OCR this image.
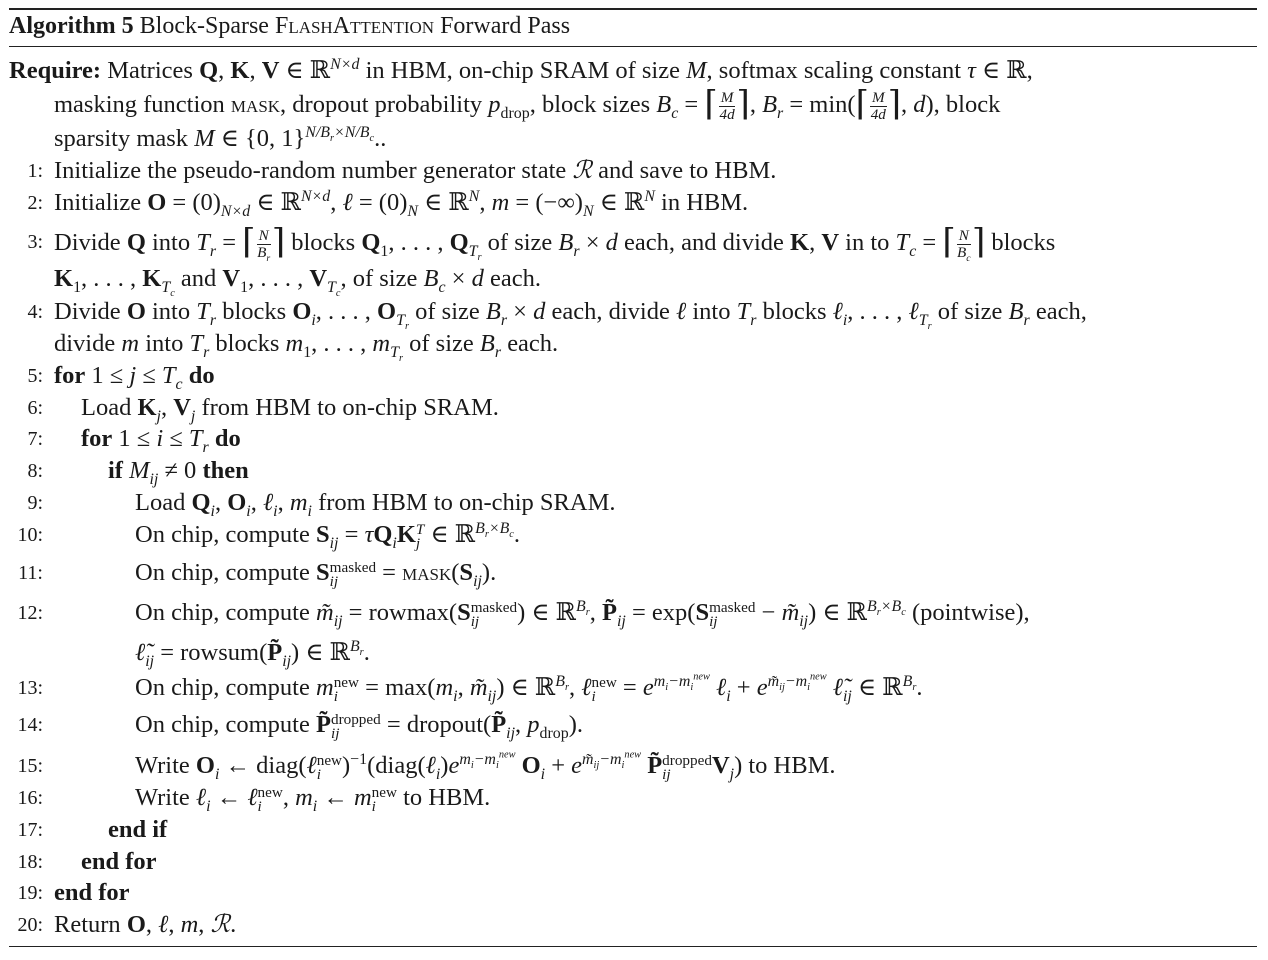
Algorithm 5 Block-Sparse FlashAttention Forward Pass
Require: Matrices Q, K, V ∈ ℝ$^{N\times d}$ in HBM, on-chip SRAM of size M, softmax scaling constant τ ∈ ℝ,
masking function mask, dropout probability $p_{drop}$, block sizes $B_c$ = ⌈ $\frac{M}{4d}$ ⌉, $B_r$ = min(⌈ $\frac{M}{4d}$ ⌉, d), block
sparsity mask M ∈ {0, 1}$^{N/B_r\times N/B_c}$..
1: Initialize the pseudo-random number generator state ℛ and save to HBM.
2: Initialize $O = (0)_{N\times d}$ ∈ ℝ$^{N\times d}$, ℓ = $(0)_N$ ∈ ℝ$^N$, $m = (-\infty)_N$ ∈ ℝ$^N$ in HBM.
3: Divide Q into $T_r$ = ⌈ $\frac{N}{B_r}$ ⌉ blocks $Q_1$, . . . , $Q_{T_r}$ of size $B_r \times d$ each, and divide K, V in to $T_c$ = ⌈ $\frac{N}{B_c}$ ⌉ blocks
$K_1$, . . . , $K_{T_c}$ and $V_1$, . . . , $V_{T_c}$, of size $B_c \times d$ each.
4: Divide O into $T_r$ blocks $O_i$, . . . , $O_{T_r}$ of size $B_r \times d$ each, divide ℓ into $T_r$ blocks ℓ$_i$, . . . , ℓ$_{T_r}$ of size $B_r$ each,
divide m into $T_r$ blocks $m_1$, . . . , $m_{T_r}$ of size $B_r$ each.
5: for $1 \le j \le T_c$ do
6: Load $K_j$, $V_j$ from HBM to on-chip SRAM.
7: for $1 \le i \le T_r$ do
8:	if $M_{ij} \ne 0$ then
9:	Load $Q_i$, $O_i$, ℓ$_i$, $m_i$ from HBM to on-chip SRAM.
10:	On chip, compute $S_{ij} = \tau Q_iK$ T
j ∈ ℝ$^{B_r\times B_c}$.
11:	On chip, compute S masked
ij	= $mask(S_{ij})$.
12:	On chip, compute $m̃_{ij} = rowmax(S$ masked
ij	) ∈ ℝ$^{B_r}$, $P̃_{ij} = \exp(S$ masked
ij	− $m̃_{ij}$) ∈ ℝ$^{B_r\times B_c}$ (pointwise),
$\ell̃_{ij}$ = $rowsum(P̃_{ij})$ ∈ ℝ$^{B_r}$.
13:	On chip, compute m new
$i = \max(m_i$, $m̃_{ij}$) ∈ ℝ$^{B_r}$, ℓ new
$i = e^{m_i-m_i^{new}}$ ℓ$_i$ + $e^{m̃_{ij}-m_i^{new}}$ $\ell̃_{ij}$ ∈ ℝ$^{B_r}$.
14:	On chip, compute P̃ dropped
ij	= $dropout(P̃_{ij}$, $p_{drop}$).
15:	Write $O_i$ ← diag(ℓ new
i )$^{-1}(diag(\ell_i)e^{m_i-m_i^{new}}$ $O_i + e^{m̃_{ij}-m_i^{new}}$ P̃ dropped
ij	$V_j$) to HBM.
16:	Write ℓ$_i$ ← ℓ new
i , $m_i$ ← m new
i to HBM.
17:	end if
18: end for
19: end for
20: Return O, ℓ, m, ℛ.
